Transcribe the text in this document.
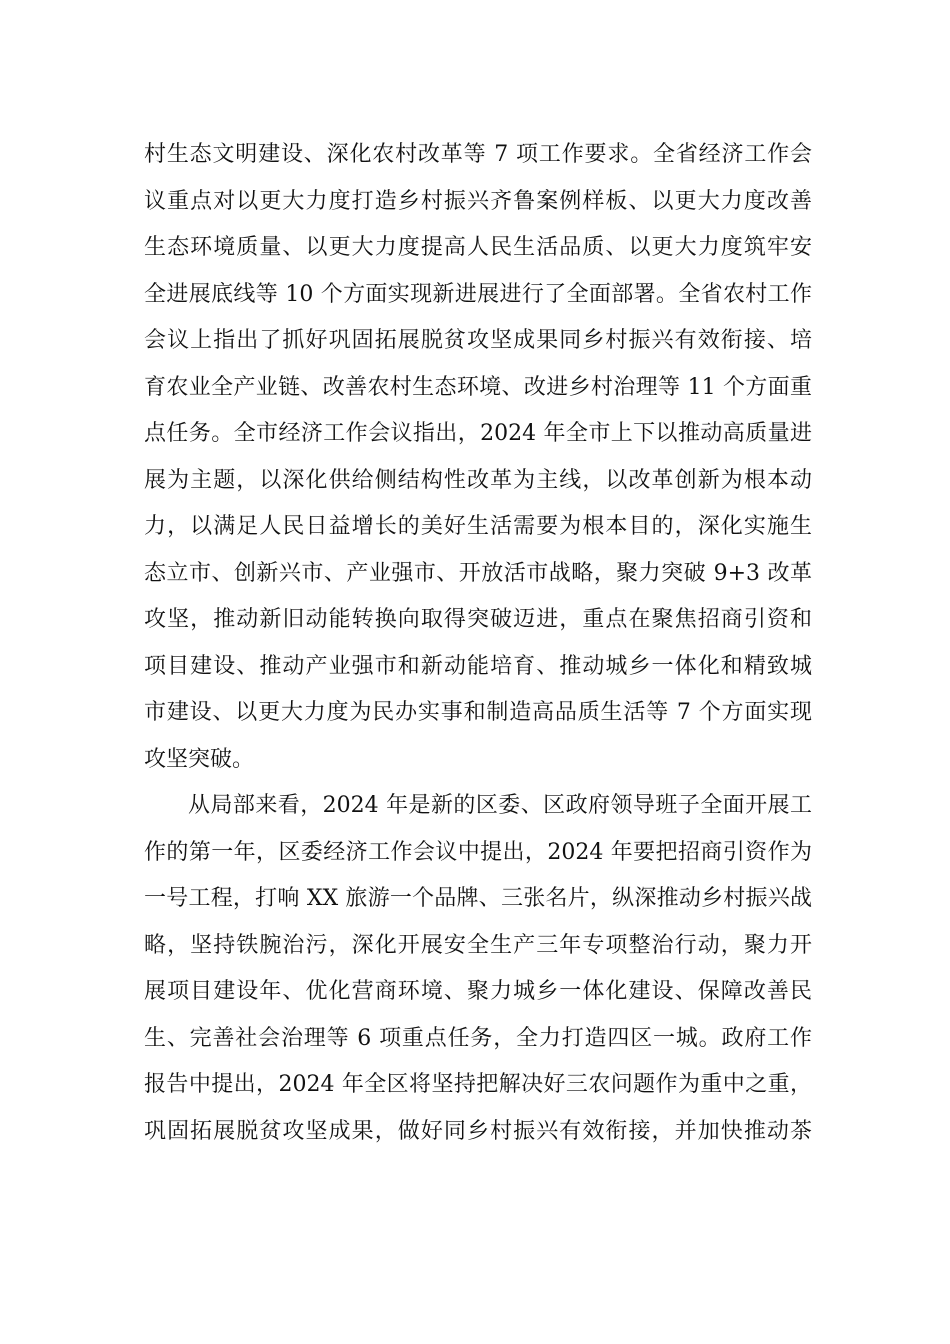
村生态文明建设、深化农村改革等 7 项工作要求。全省经济工作会
议重点对以更大力度打造乡村振兴齐鲁案例样板、以更大力度改善
生态环境质量、以更大力度提高人民生活品质、以更大力度筑牢安
全进展底线等 10 个方面实现新进展进行了全面部署。全省农村工作
会议上指出了抓好巩固拓展脱贫攻坚成果同乡村振兴有效衔接、培
育农业全产业链、改善农村生态环境、改进乡村治理等 11 个方面重
点任务。全市经济工作会议指出，2024 年全市上下以推动高质量进
展为主题，以深化供给侧结构性改革为主线，以改革创新为根本动
力，以满足人民日益增长的美好生活需要为根本目的，深化实施生
态立市、创新兴市、产业强市、开放活市战略，聚力突破 9+3 改革
攻坚，推动新旧动能转换向取得突破迈进，重点在聚焦招商引资和
项目建设、推动产业强市和新动能培育、推动城乡一体化和精致城
市建设、以更大力度为民办实事和制造高品质生活等 7 个方面实现
攻坚突破。
从局部来看，2024 年是新的区委、区政府领导班子全面开展工
作的第一年，区委经济工作会议中提出，2024 年要把招商引资作为
一号工程，打响 XX 旅游一个品牌、三张名片，纵深推动乡村振兴战
略，坚持铁腕治污，深化开展安全生产三年专项整治行动，聚力开
展项目建设年、优化营商环境、聚力城乡一体化建设、保障改善民
生、完善社会治理等 6 项重点任务，全力打造四区一城。政府工作
报告中提出，2024 年全区将坚持把解决好三农问题作为重中之重，
巩固拓展脱贫攻坚成果，做好同乡村振兴有效衔接，并加快推动茶
